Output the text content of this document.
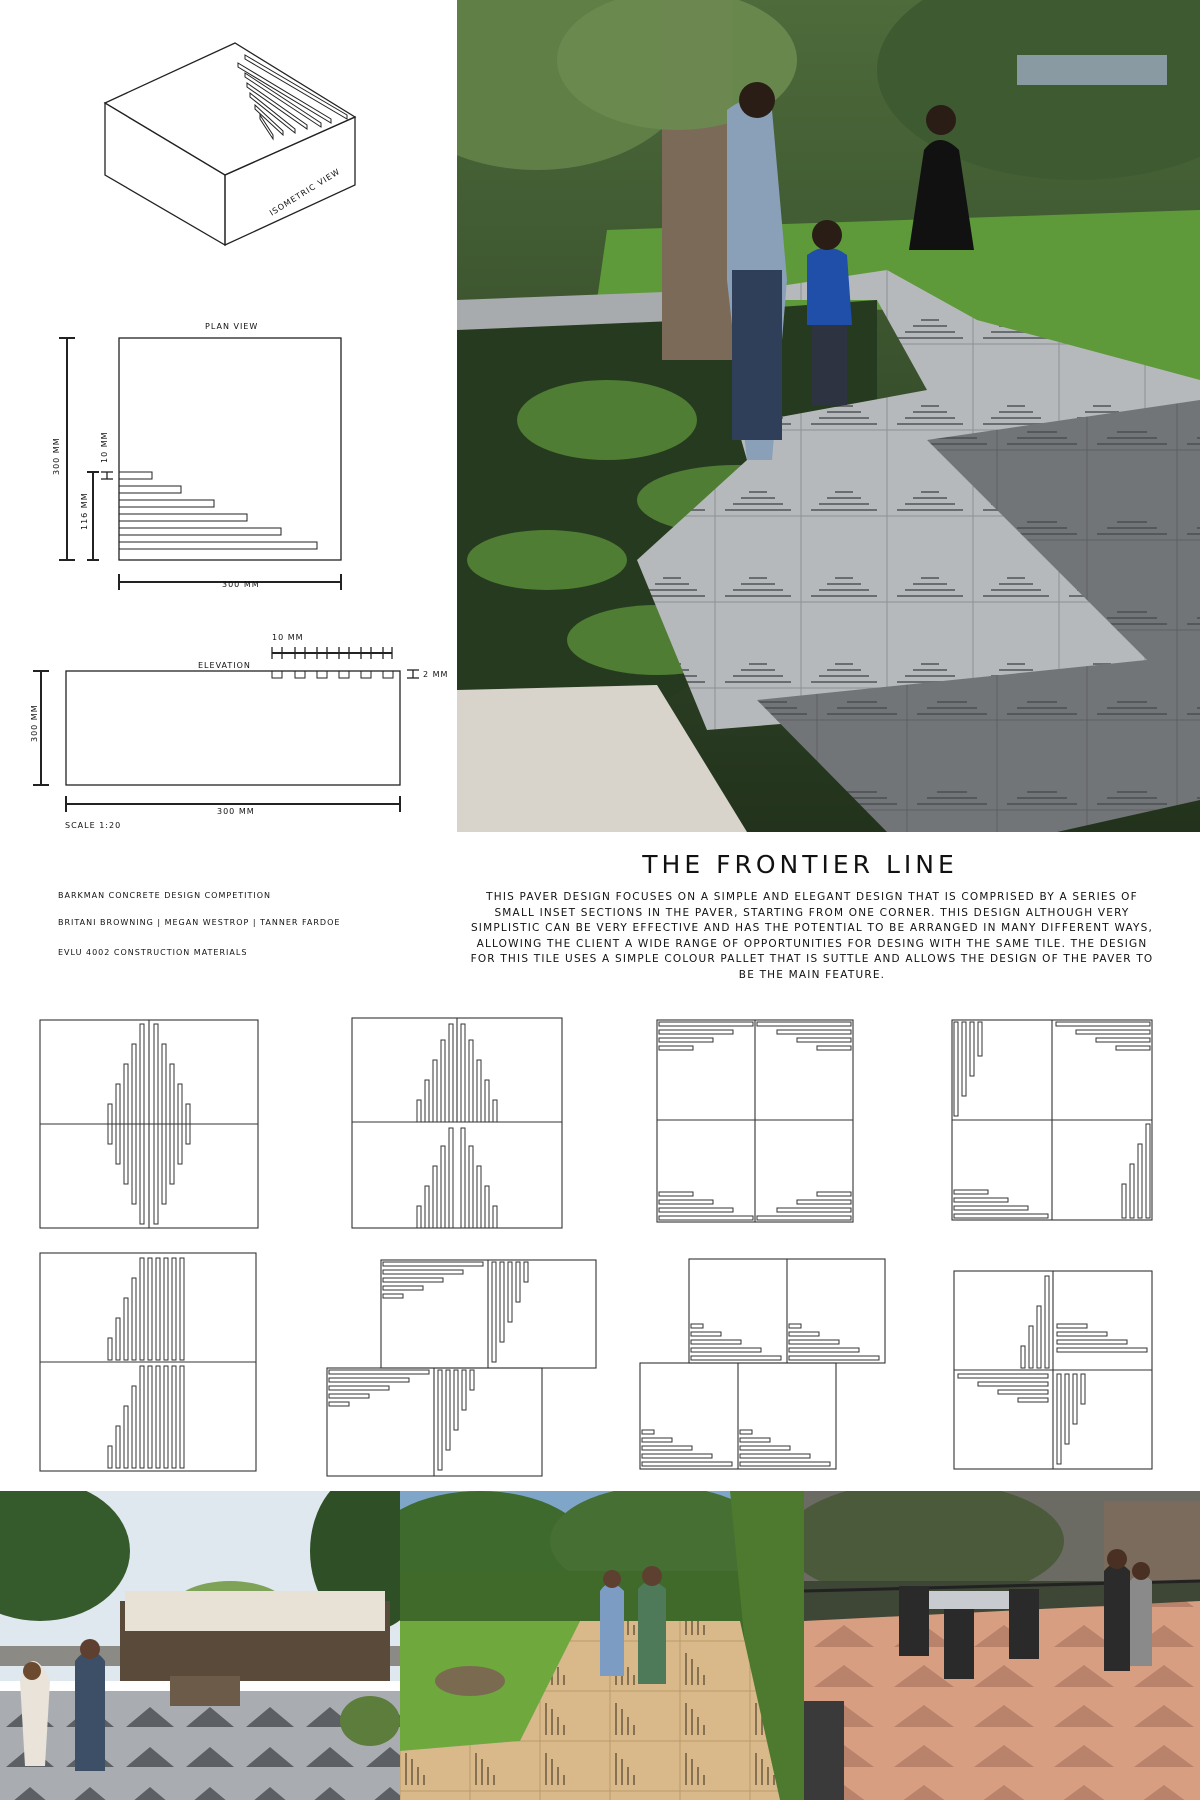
ISOMETRIC VIEW
PLAN VIEW
300 MM	10 MM
116 MM
300 MM
10 MM
ELEVATION
2 MM
300 MM
300 MM
SCALE 1:20
THE FRONTIER LINE
THIS PAVER DESIGN FOCUSES ON A SIMPLE AND ELEGANT DESIGN THAT IS COMPRISED BY A SERIES OF SMALL INSET SECTIONS IN THE PAVER, STARTING FROM ONE CORNER. THIS DESIGN ALTHOUGH VERY SIMPLISTIC CAN BE VERY EFFECTIVE AND HAS THE POTENTIAL TO BE ARRANGED IN MANY DIFFERENT WAYS, ALLOWING THE CLIENT A WIDE RANGE OF OPPORTUNITIES FOR DESING WITH THE SAME TILE. THE DESIGN FOR THIS TILE USES A SIMPLE COLOUR PALLET THAT IS SUTTLE AND ALLOWS THE DESIGN OF THE PAVER TO BE THE MAIN FEATURE.
BARKMAN CONCRETE DESIGN COMPETITION
BRITANI BROWNING | MEGAN WESTROP | TANNER FARDOE
EVLU 4002 CONSTRUCTION MATERIALS
